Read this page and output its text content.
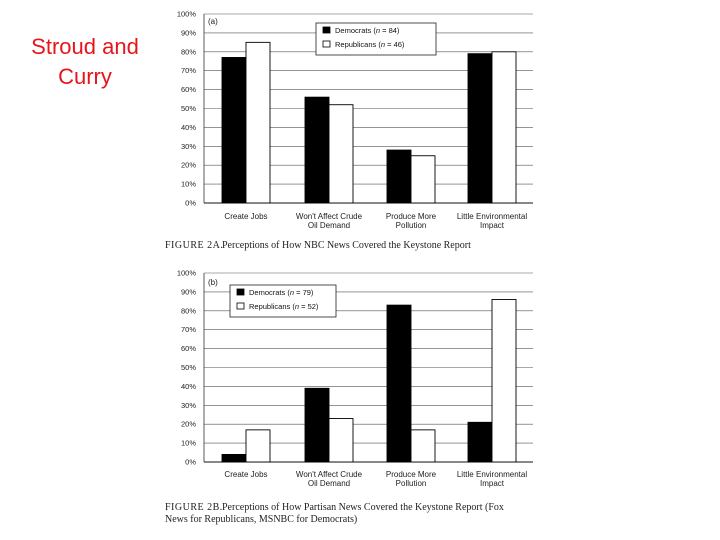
Stroud and
Curry
0%
10%
20%
30%
40%
50%
60%
70%
80%
90%
100%
Create Jobs	Won't Affect Crude
Oil Demand
Produce More
Pollution
Little Environmental
Impact
(a)
Democrats (n = 84)
Republicans (n = 46)
FIGURE 2A.
Perceptions of How NBC News Covered the Keystone Report
0%
10%
20%
30%
40%
50%
60%
70%
80%
90%
100%
Create Jobs	Won't Affect Crude
Oil Demand
Produce More
Pollution
Little Environmental
Impact
(b)
Democrats (n = 79)
Republicans (n = 52)
FIGURE 2B. Perceptions of How Partisan News Covered the Keystone Report (Fox
News for Republicans, MSNBC for Democrats)
